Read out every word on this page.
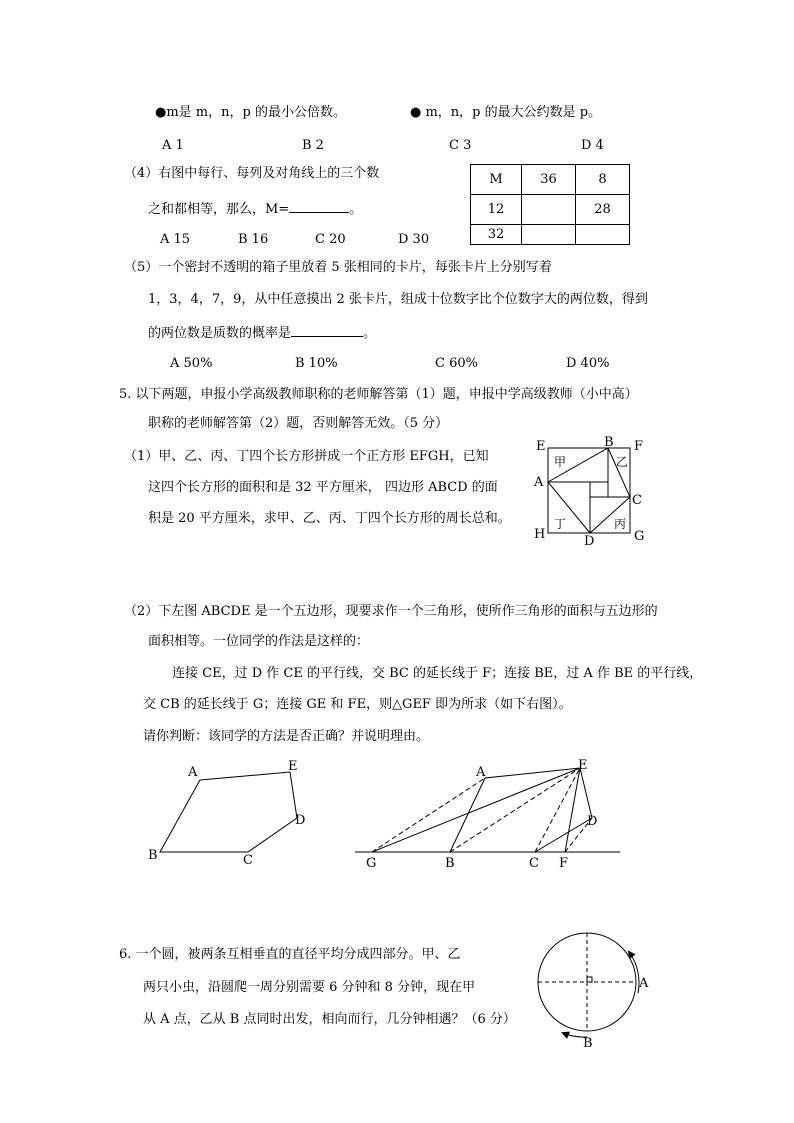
●m是 m，n，p 的最小公倍数。	● m，n，p 的最大公约数是 p。
A 1	B 2	C 3	D 4
（4）右图中每行、每列及对角线上的三个数
之和都相等，那么，M=	。
A 15	B 16	C 20	D 30
M	36	8
12		28
32		
（5）一个密封不透明的箱子里放着 5 张相同的卡片，每张卡片上分别写着
1，3，4，7，9，从中任意摸出 2 张卡片，组成十位数字比个位数字大的两位数，得到
的两位数是质数的概率是	。
A 50%	B 10%	C 60%	D 40%
5. 以下两题，申报小学高级教师职称的老师解答第（1）题，申报中学高级教师（小中高）
职称的老师解答第（2）题，否则解答无效。（5 分）
（1）甲、乙、丙、丁四个长方形拼成一个正方形 EFGH，已知
这四个长方形的面积和是 32 平方厘米， 四边形 ABCD 的面
积是 20 平方厘米，求甲、乙、丙、丁四个长方形的周长总和。
E	B F
A
C
H	D	G
甲	乙
丙
丁
（2）下左图 ABCDE 是一个五边形，现要求作一个三角形，使所作三角形的面积与五边形的
面积相等。一位同学的作法是这样的：
连接 CE，过 D 作 CE 的平行线，交 BC 的延长线于 F；连接 BE，过 A 作 BE 的平行线，
交 CB 的延长线于 G；连接 GE 和 FE，则△GEF 即为所求（如下右图）。
请你判断：该同学的方法是否正确？并说明理由。
A	E
D
B	C
A	E
D
G	B	C F
6. 一个圆，被两条互相垂直的直径平均分成四部分。甲、乙
两只小虫，沿圆爬一周分别需要 6 分钟和 8 分钟，现在甲
从 A 点，乙从 B 点同时出发，相向而行，几分钟相遇？（6 分）
A
B
